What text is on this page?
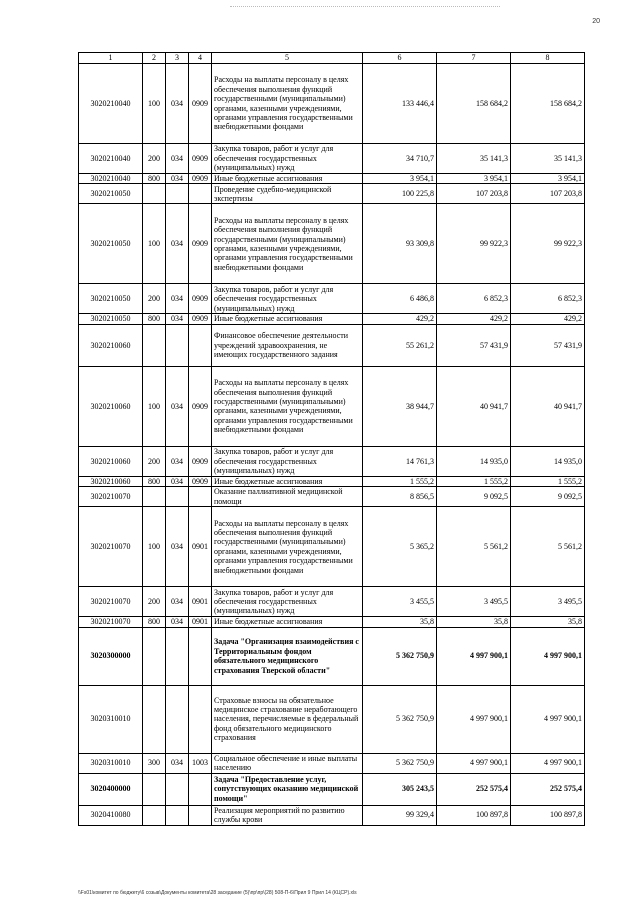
20
1	2	3	4	5	6	7	8
3020210040	100	034	0909	Расходы на выплаты персоналу в целях обеспечения выполнения функций государственными (муниципальными) органами, казенными учреждениями, органами управления государственными внебюджетными фондами	133 446,4	158 684,2	158 684,2
3020210040	200	034	0909	Закупка товаров, работ и услуг для обеспечения государственных (муниципальных) нужд	34 710,7	35 141,3	35 141,3
3020210040	800	034	0909	Иные бюджетные ассигнования	3 954,1	3 954,1	3 954,1
3020210050				Проведение судебно-медицинской экспертизы	100 225,8	107 203,8	107 203,8
3020210050	100	034	0909	Расходы на выплаты персоналу в целях обеспечения выполнения функций государственными (муниципальными) органами, казенными учреждениями, органами управления государственными внебюджетными фондами	93 309,8	99 922,3	99 922,3
3020210050	200	034	0909	Закупка товаров, работ и услуг для обеспечения государственных (муниципальных) нужд	6 486,8	6 852,3	6 852,3
3020210050	800	034	0909	Иные бюджетные ассигнования	429,2	429,2	429,2
3020210060				Финансовое обеспечение деятельности учреждений здравоохранения, не имеющих государственного задания	55 261,2	57 431,9	57 431,9
3020210060	100	034	0909	Расходы на выплаты персоналу в целях обеспечения выполнения функций государственными (муниципальными) органами, казенными учреждениями, органами управления государственными внебюджетными фондами	38 944,7	40 941,7	40 941,7
3020210060	200	034	0909	Закупка товаров, работ и услуг для обеспечения государственных (муниципальных) нужд	14 761,3	14 935,0	14 935,0
3020210060	800	034	0909	Иные бюджетные ассигнования	1 555,2	1 555,2	1 555,2
3020210070				Оказание паллиативной медицинской помощи	8 856,5	9 092,5	9 092,5
3020210070	100	034	0901	Расходы на выплаты персоналу в целях обеспечения выполнения функций государственными (муниципальными) органами, казенными учреждениями, органами управления государственными внебюджетными фондами	5 365,2	5 561,2	5 561,2
3020210070	200	034	0901	Закупка товаров, работ и услуг для обеспечения государственных (муниципальных) нужд	3 455,5	3 495,5	3 495,5
3020210070	800	034	0901	Иные бюджетные ассигнования	35,8	35,8	35,8
3020300000				Задача "Организация взаимодействия с Территориальным фондом обязательного медицинского страхования Тверской области"	5 362 750,9	4 997 900,1	4 997 900,1
3020310010				Страховые взносы на обязательное медицинское страхование неработающего населения, перечисляемые в федеральный фонд обязательного медицинского страхования	5 362 750,9	4 997 900,1	4 997 900,1
3020310010	300	034	1003	Социальное обеспечение и иные выплаты населению	5 362 750,9	4 997 900,1	4 997 900,1
3020400000				Задача "Предоставление услуг, сопутствующих оказанию медицинской помощи"	305 243,5	252 575,4	252 575,4
3020410080				Реализация мероприятий по развитию службы крови	99 329,4	100 897,8	100 897,8
\\Fs01\комитет по бюджету\6 созыв\Документы комитета\28 заседание (5)\пр\пр\(28) 508-П-6\Прил 9 Прил 14 (КЦСР).xls
